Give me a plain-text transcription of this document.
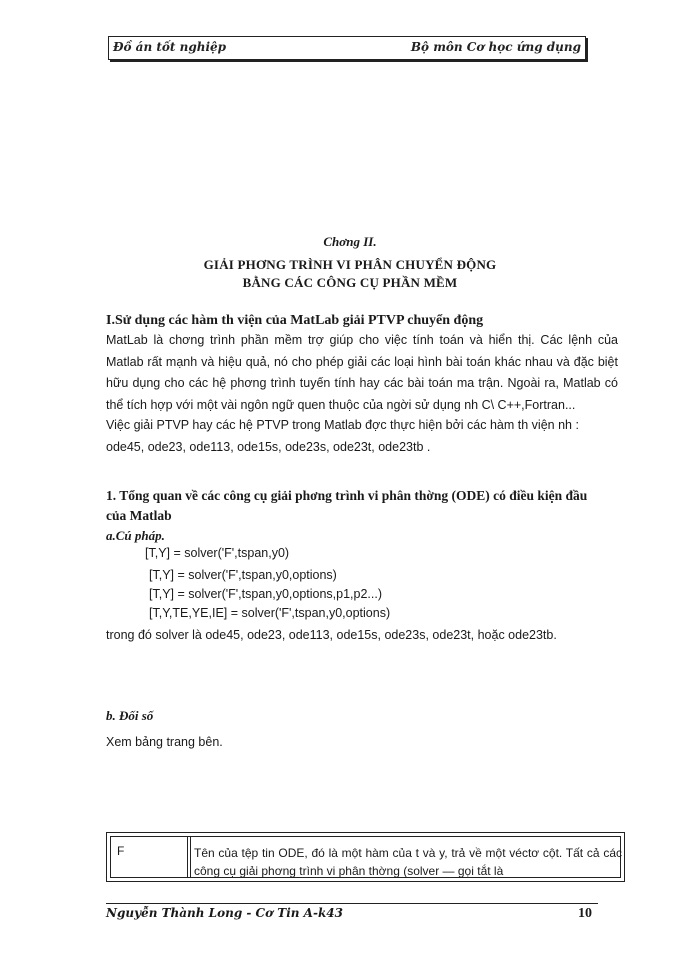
Đồ án tốt nghiệp	Bộ môn Cơ học ứng dụng
Chơng II.
GIẢI PHƠNG TRÌNH VI PHÂN CHUYỂN ĐỘNG
BẰNG CÁC CÔNG CỤ PHẦN MỀM
I.Sử dụng các hàm th viện của MatLab giải PTVP chuyển động
MatLab là chơng trình phần mềm trợ giúp cho việc tính toán và hiển thị. Các lệnh của Matlab rất mạnh và hiệu quả, nó cho phép giải các loại hình bài toán khác nhau và đặc biệt hữu dụng cho các hệ phơng trình tuyến tính hay các bài toán ma trận. Ngoài ra, Matlab có thể tích hợp với một vài ngôn ngữ quen thuộc của ngời sử dụng nh C\ C++,Fortran...
Việc giải PTVP hay các hệ PTVP trong Matlab đợc thực hiện bởi các hàm th viện nh : ode45, ode23, ode113, ode15s, ode23s, ode23t, ode23tb .
1. Tổng quan về các công cụ giải phơng trình vi phân thờng (ODE) có điều kiện đầu của Matlab
a.Cú pháp.
[T,Y] = solver('F',tspan,y0)
[T,Y] = solver('F',tspan,y0,options)
[T,Y] = solver('F',tspan,y0,options,p1,p2...)
[T,Y,TE,YE,IE] = solver('F',tspan,y0,options)
trong đó solver là ode45, ode23, ode113, ode15s, ode23s, ode23t, hoặc ode23tb.
b. Đối số
Xem bảng trang bên.
F	Tên của tệp tin ODE, đó là một hàm của t và y, trả về một véctơ cột. Tất cả các công cụ giải phơng trình vi phân thờng (solver — gọi tắt là
Nguyễn Thành Long - Cơ Tin A-k43	10
